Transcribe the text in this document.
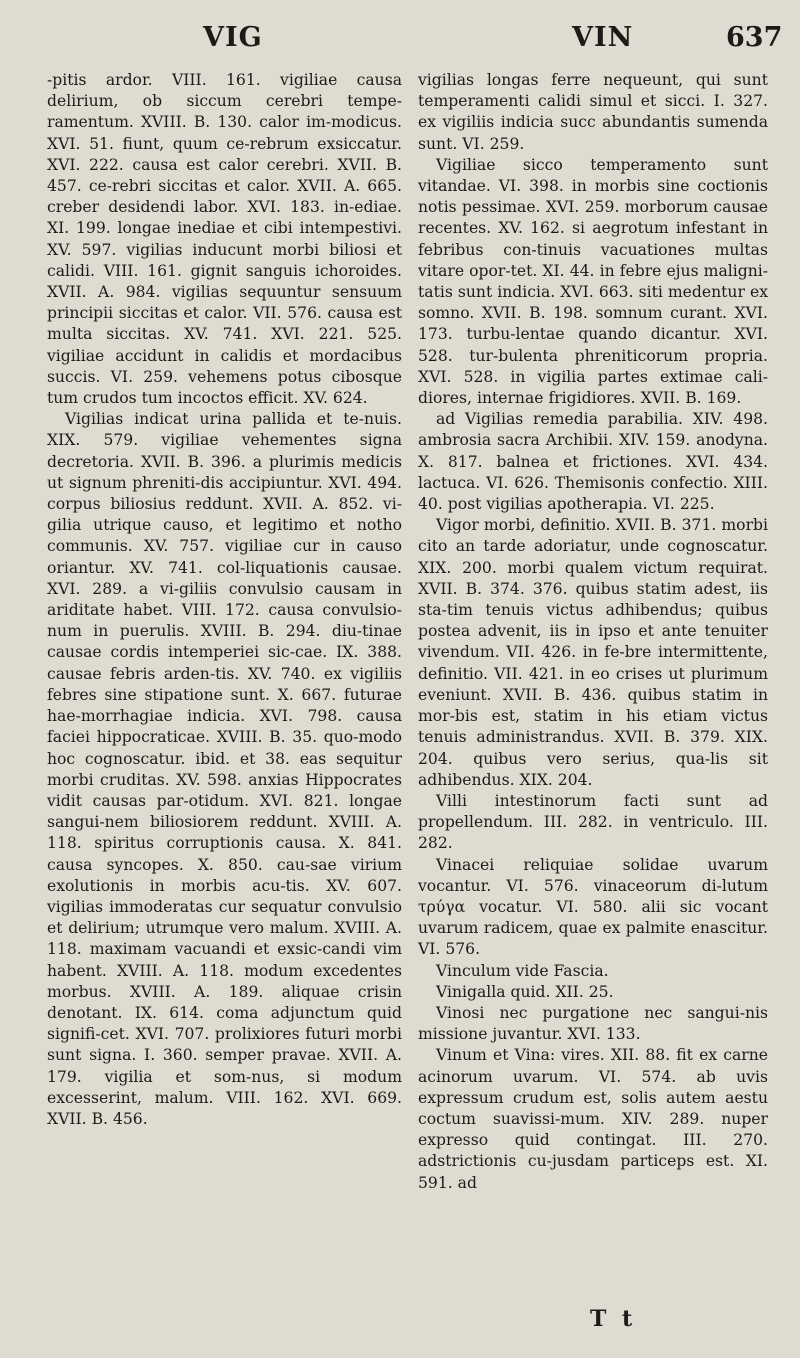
VIG	VIN	637

-pitis ardor. VIII. 161. vigiliae causa delirium, ob siccum cerebri tempe-ramentum. XVIII. B. 130. calor im-modicus. XVI. 51. fiunt, quum ce-rebrum exsiccatur. XVI. 222. causa est calor cerebri. XVII. B. 457. ce-rebri siccitas et calor. XVII. A. 665. creber desidendi labor. XVI. 183. in-ediae. XI. 199. longae inediae et cibi intempestivi. XV. 597. vigilias inducunt morbi biliosi et calidi. VIII. 161. gignit sanguis ichoroides. XVII. A. 984. vigilias sequuntur sensuum principii siccitas et calor. VII. 576. causa est multa siccitas. XV. 741. XVI. 221. 525. vigiliae accidunt in calidis et mordacibus succis. VI. 259. vehemens potus cibosque tum crudos tum incoctos efficit. XV. 624.

Vigilias indicat urina pallida et te-nuis. XIX. 579. vigiliae vehementes signa decretoria. XVII. B. 396. a plurimis medicis ut signum phreniti-dis accipiuntur. XVI. 494. corpus biliosius reddunt. XVII. A. 852. vi-gilia utrique causo, et legitimo et notho communis. XV. 757. vigiliae cur in causo oriantur. XV. 741. col-liquationis causae. XVI. 289. a vi-giliis convulsio causam in ariditate habet. VIII. 172. causa convulsio-num in puerulis. XVIII. B. 294. diu-tinae causae cordis intemperiei sic-cae. IX. 388. causae febris arden-tis. XV. 740. ex vigiliis febres sine stipatione sunt. X. 667. futurae hae-morrhagiae indicia. XVI. 798. causa faciei hippocraticae. XVIII. B. 35. quo-modo hoc cognoscatur. ibid. et 38. eas sequitur morbi cruditas. XV. 598. anxias Hippocrates vidit causas par-otidum. XVI. 821. longae sangui-nem biliosiorem reddunt. XVIII. A. 118. spiritus corruptionis causa. X. 841. causa syncopes. X. 850. cau-sae virium exolutionis in morbis acu-tis. XV. 607. vigilias immoderatas cur sequatur convulsio et delirium; utrumque vero malum. XVIII. A. 118. maximam vacuandi et exsic-candi vim habent. XVIII. A. 118. modum excedentes morbus. XVIII. A. 189. aliquae crisin denotant. IX. 614. coma adjunctum quid signifi-cet. XVI. 707. prolixiores futuri morbi sunt signa. I. 360. semper pravae. XVII. A. 179. vigilia et som-nus, si modum excesserint, malum. VIII. 162. XVI. 669. XVII. B. 456.

vigilias longas ferre nequeunt, qui sunt temperamenti calidi simul et sicci. I. 327. ex vigiliis indicia succ abundantis sumenda sunt. VI. 259.

Vigiliae sicco temperamento sunt vitandae. VI. 398. in morbis sine coctionis notis pessimae. XVI. 259. morborum causae recentes. XV. 162. si aegrotum infestant in febribus con-tinuis vacuationes multas vitare opor-tet. XI. 44. in febre ejus maligni-tatis sunt indicia. XVI. 663. siti medentur ex somno. XVII. B. 198. somnum curant. XVI. 173. turbu-lentae quando dicantur. XVI. 528. tur-bulenta phreniticorum propria. XVI. 528. in vigilia partes extimae cali-diores, internae frigidiores. XVII. B. 169.

ad Vigilias remedia parabilia. XIV. 498. ambrosia sacra Archibii. XIV. 159. anodyna. X. 817. balnea et frictiones. XVI. 434. lactuca. VI. 626. Themisonis confectio. XIII. 40. post vigilias apotherapia. VI. 225.

Vigor morbi, definitio. XVII. B. 371. morbi cito an tarde adoriatur, unde cognoscatur. XIX. 200. morbi qualem victum requirat. XVII. B. 374. 376. quibus statim adest, iis sta-tim tenuis victus adhibendus; quibus postea advenit, iis in ipso et ante tenuiter vivendum. VII. 426. in fe-bre intermittente, definitio. VII. 421. in eo crises ut plurimum eveniunt. XVII. B. 436. quibus statim in mor-bis est, statim in his etiam victus tenuis administrandus. XVII. B. 379. XIX. 204. quibus vero serius, qua-lis sit adhibendus. XIX. 204.

Villi intestinorum facti sunt ad propellendum. III. 282. in ventriculo. III. 282.

Vinacei reliquiae solidae uvarum vocantur. VI. 576. vinaceorum di-lutum τρύγα vocatur. VI. 580. alii sic vocant uvarum radicem, quae ex palmite enascitur. VI. 576.

Vinculum vide Fascia.

Vinigalla quid. XII. 25.

Vinosi nec purgatione nec sangui-nis missione juvantur. XVI. 133.

Vinum et Vina: vires. XII. 88. fit ex carne acinorum uvarum. VI. 574. ab uvis expressum crudum est, solis autem aestu coctum suavissi-mum. XIV. 289. nuper expresso quid contingat. III. 270. adstrictionis cu-jusdam particeps est. XI. 591. ad

T t
